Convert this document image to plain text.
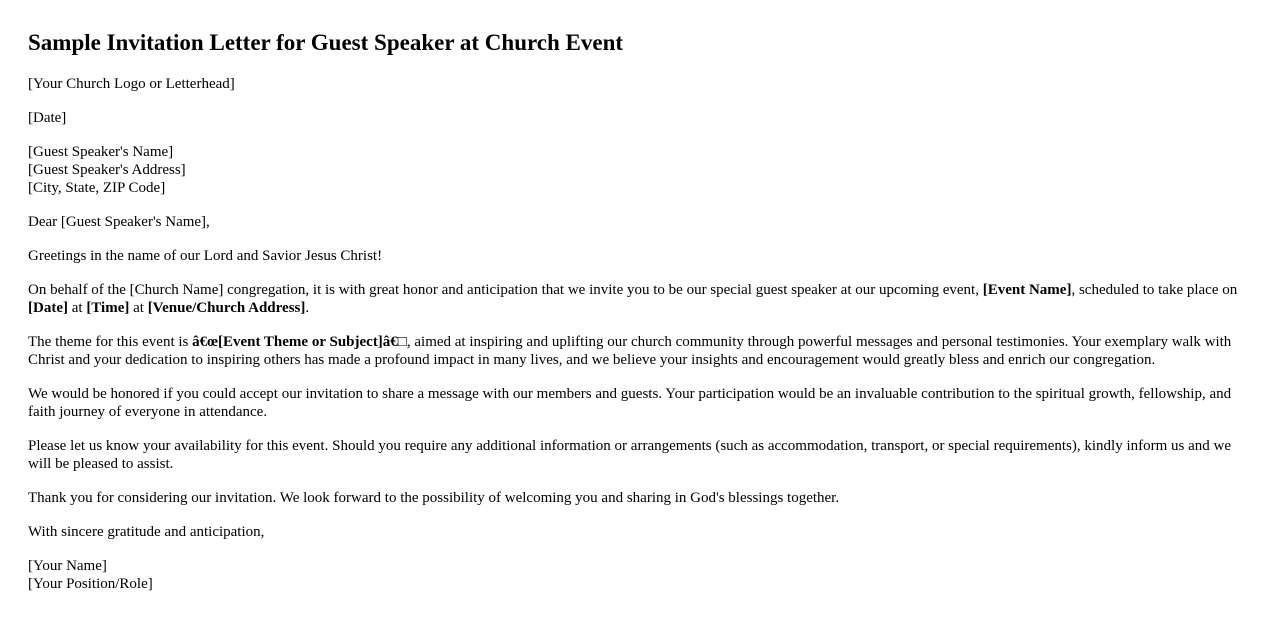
Sample Invitation Letter for Guest Speaker at Church Event

[Your Church Logo or Letterhead]

[Date]

[Guest Speaker's Name]
[Guest Speaker's Address]
[City, State, ZIP Code]

Dear [Guest Speaker's Name],

Greetings in the name of our Lord and Savior Jesus Christ!

On behalf of the [Church Name] congregation, it is with great honor and anticipation that we invite you to be our special guest speaker at our upcoming event, [Event Name], scheduled to take place on [Date] at [Time] at [Venue/Church Address].

The theme for this event is â€œ[Event Theme or Subject]â€□, aimed at inspiring and uplifting our church community through powerful messages and personal testimonies. Your exemplary walk with Christ and your dedication to inspiring others has made a profound impact in many lives, and we believe your insights and encouragement would greatly bless and enrich our congregation.

We would be honored if you could accept our invitation to share a message with our members and guests. Your participation would be an invaluable contribution to the spiritual growth, fellowship, and faith journey of everyone in attendance.

Please let us know your availability for this event. Should you require any additional information or arrangements (such as accommodation, transport, or special requirements), kindly inform us and we will be pleased to assist.

Thank you for considering our invitation. We look forward to the possibility of welcoming you and sharing in God's blessings together.

With sincere gratitude and anticipation,

[Your Name]
[Your Position/Role]
